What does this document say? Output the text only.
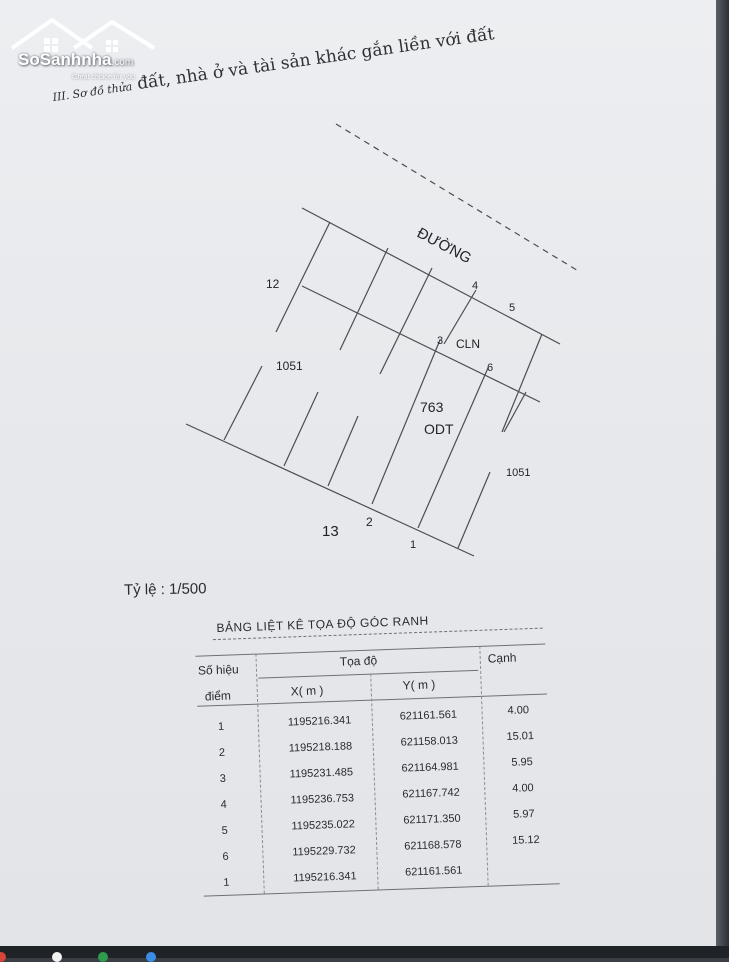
SoSanhnha.com
Great choice for you
III. Sơ đồ thửa đất, nhà ở và tài sản khác gắn liền với đất
ĐƯỜNG
763
ODT
CLN
1051
1051
12
13
1
2
3
4
5
6
Tỷ lệ : 1/500
BẢNG LIỆT KÊ TỌA ĐỘ GÓC RANH
Số hiệu
điểm
Tọa độ
X( m )	Y( m )
Cạnh
1	1195216.341	621161.561	4.00
2	1195218.188	621158.013	15.01
3	1195231.485	621164.981	5.95
4	1195236.753	621167.742	4.00
5	1195235.022	621171.350	5.97
6	1195229.732	621168.578	15.12
1	1195216.341	621161.561
